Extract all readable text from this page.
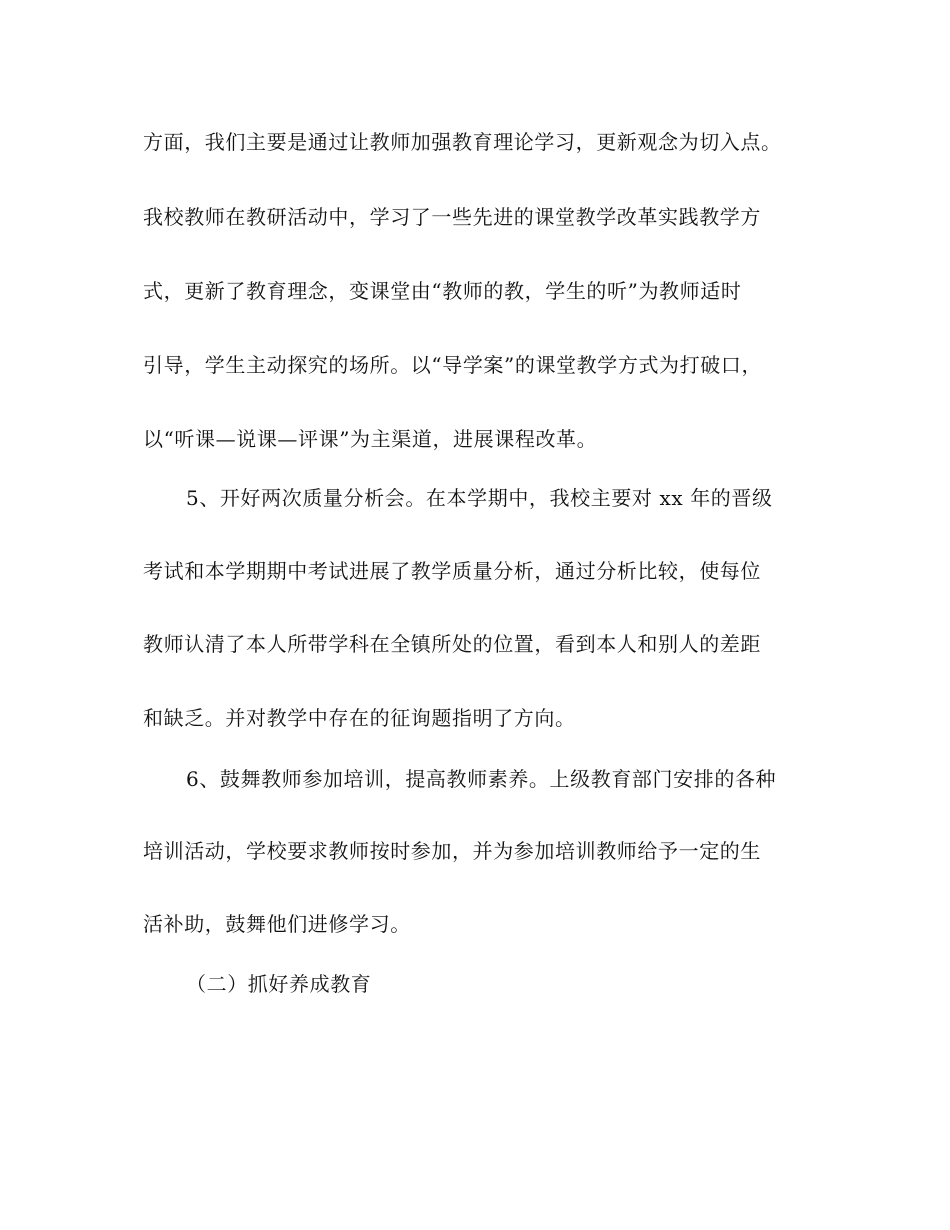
方面，我们主要是通过让教师加强教育理论学习，更新观念为切入点。
我校教师在教研活动中，学习了一些先进的课堂教学改革实践教学方
式，更新了教育理念，变课堂由“教师的教，学生的听”为教师适时
引导，学生主动探究的场所。以“导学案”的课堂教学方式为打破口，
以“听课—说课—评课”为主渠道，进展课程改革。
5、开好两次质量分析会。在本学期中，我校主要对 xx 年的晋级
考试和本学期期中考试进展了教学质量分析，通过分析比较，使每位
教师认清了本人所带学科在全镇所处的位置，看到本人和别人的差距
和缺乏。并对教学中存在的征询题指明了方向。
6、鼓舞教师参加培训，提高教师素养。上级教育部门安排的各种
培训活动，学校要求教师按时参加，并为参加培训教师给予一定的生
活补助，鼓舞他们进修学习。
（二）抓好养成教育
